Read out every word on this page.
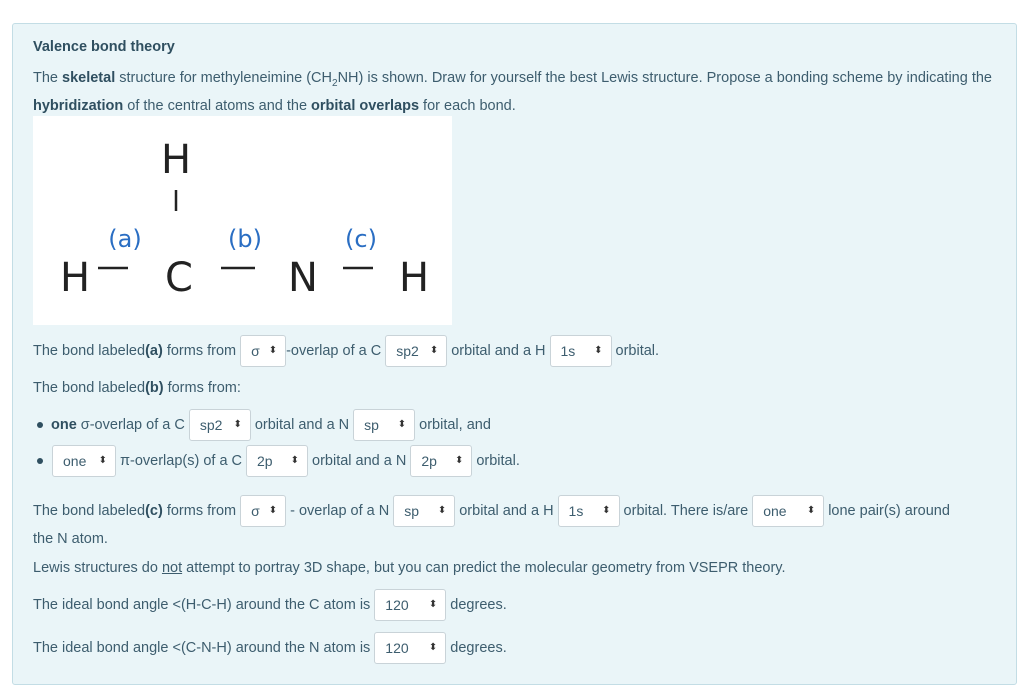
Valence bond theory
The skeletal structure for methyleneimine $(CH_2NH)$ is shown. Draw for yourself the best Lewis structure. Propose a bonding scheme by indicating the hybridization of the central atoms and the orbital overlaps for each bond.
H
H C N H
(a)	(b)	(c)
The bond labeled (a) forms from σ ⬍ -overlap of a C sp2 ⬍ orbital and a H 1s ⬍ orbital.
The bond labeled (b) forms from:
one σ-overlap of a C sp2 ⬍ orbital and a N sp ⬍ orbital, and
one ⬍ π-overlap(s) of a C 2p ⬍ orbital and a N 2p ⬍ orbital.
The bond labeled (c) forms from σ ⬍ - overlap of a N sp ⬍ orbital and a H 1s ⬍ orbital. There is/are one ⬍ lone pair(s) around
the N atom.
Lewis structures do not attempt to portray 3D shape, but you can predict the molecular geometry from VSEPR theory.
The ideal bond angle <(H-C-H) around the C atom is 120 ⬍ degrees.
The ideal bond angle <(C-N-H) around the N atom is 120 ⬍ degrees.
